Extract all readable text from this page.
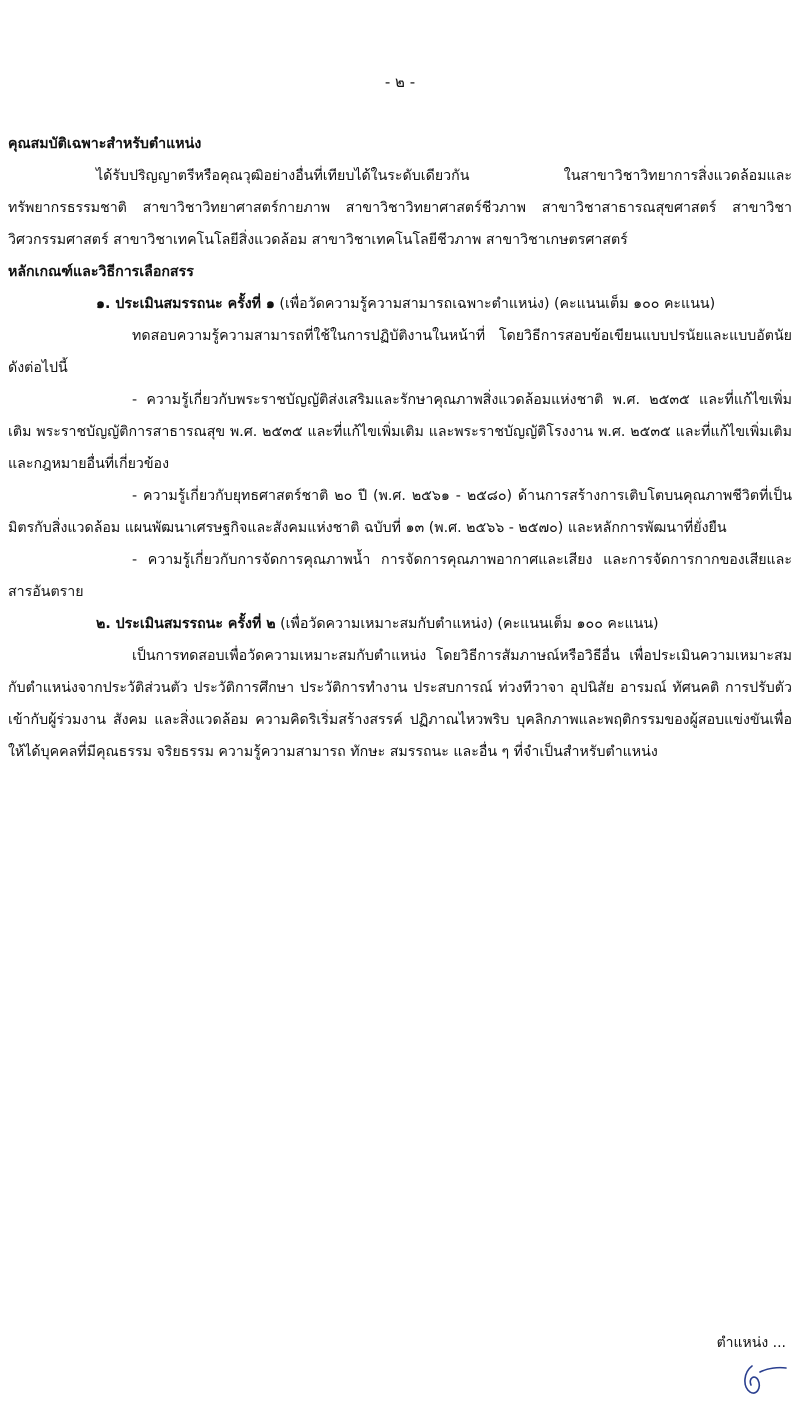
- ๒ -

คุณสมบัติเฉพาะสำหรับตำแหน่ง

ได้รับปริญญาตรีหรือคุณวุฒิอย่างอื่นที่เทียบได้ในระดับเดียวกัน ในสาขาวิชาวิทยาการสิ่งแวดล้อมและทรัพยากรธรรมชาติ สาขาวิชาวิทยาศาสตร์กายภาพ สาขาวิชาวิทยาศาสตร์ชีวภาพ สาขาวิชาสาธารณสุขศาสตร์ สาขาวิชาวิศวกรรมศาสตร์ สาขาวิชาเทคโนโลยีสิ่งแวดล้อม สาขาวิชาเทคโนโลยีชีวภาพ สาขาวิชาเกษตรศาสตร์

หลักเกณฑ์และวิธีการเลือกสรร

๑. ประเมินสมรรถนะ ครั้งที่ ๑ (เพื่อวัดความรู้ความสามารถเฉพาะตำแหน่ง) (คะแนนเต็ม ๑๐๐ คะแนน)

ทดสอบความรู้ความสามารถที่ใช้ในการปฏิบัติงานในหน้าที่ โดยวิธีการสอบข้อเขียนแบบปรนัยและแบบอัตนัย ดังต่อไปนี้

- ความรู้เกี่ยวกับพระราชบัญญัติส่งเสริมและรักษาคุณภาพสิ่งแวดล้อมแห่งชาติ พ.ศ. ๒๕๓๕ และที่แก้ไขเพิ่มเติม พระราชบัญญัติการสาธารณสุข พ.ศ. ๒๕๓๕ และที่แก้ไขเพิ่มเติม และพระราชบัญญัติโรงงาน พ.ศ. ๒๕๓๕ และที่แก้ไขเพิ่มเติม และกฎหมายอื่นที่เกี่ยวข้อง

- ความรู้เกี่ยวกับยุทธศาสตร์ชาติ ๒๐ ปี (พ.ศ. ๒๕๖๑ - ๒๕๘๐) ด้านการสร้างการเติบโตบนคุณภาพชีวิตที่เป็นมิตรกับสิ่งแวดล้อม แผนพัฒนาเศรษฐกิจและสังคมแห่งชาติ ฉบับที่ ๑๓ (พ.ศ. ๒๕๖๖ - ๒๕๗๐) และหลักการพัฒนาที่ยั่งยืน

- ความรู้เกี่ยวกับการจัดการคุณภาพน้ำ การจัดการคุณภาพอากาศและเสียง และการจัดการกากของเสียและสารอันตราย

๒. ประเมินสมรรถนะ ครั้งที่ ๒ (เพื่อวัดความเหมาะสมกับตำแหน่ง) (คะแนนเต็ม ๑๐๐ คะแนน)

เป็นการทดสอบเพื่อวัดความเหมาะสมกับตำแหน่ง โดยวิธีการสัมภาษณ์หรือวิธีอื่น เพื่อประเมินความเหมาะสม กับตำแหน่งจากประวัติส่วนตัว ประวัติการศึกษา ประวัติการทำงาน ประสบการณ์ ท่วงทีวาจา อุปนิสัย อารมณ์ ทัศนคติ การปรับตัวเข้ากับผู้ร่วมงาน สังคม และสิ่งแวดล้อม ความคิดริเริ่มสร้างสรรค์ ปฏิภาณไหวพริบ บุคลิกภาพและพฤติกรรมของผู้สอบแข่งขันเพื่อให้ได้บุคคลที่มีคุณธรรม จริยธรรม ความรู้ความสามารถ ทักษะ สมรรถนะ และอื่น ๆ ที่จำเป็นสำหรับตำแหน่ง

ตำแหน่ง ...
